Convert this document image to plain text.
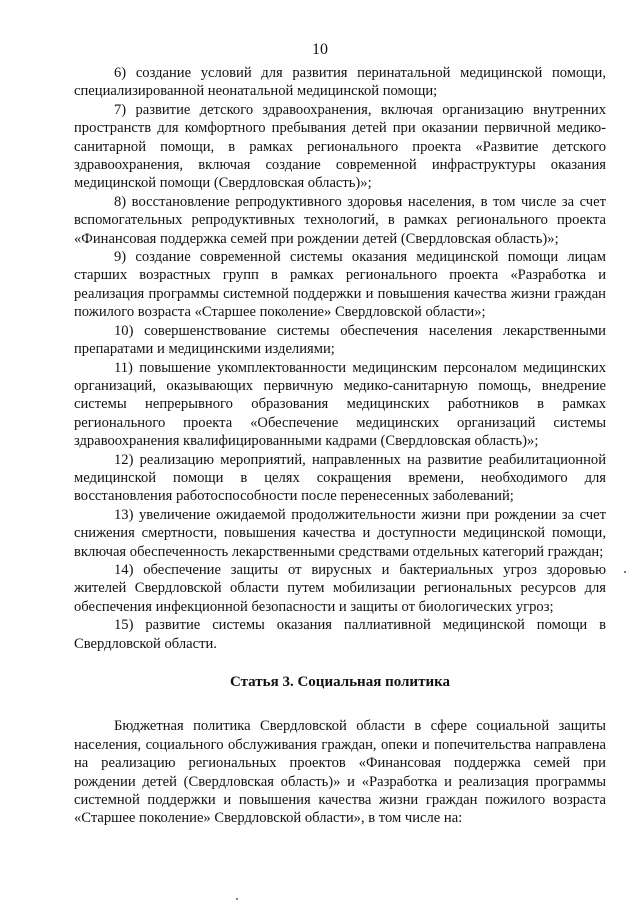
10

6) создание условий для развития перинатальной медицинской помощи, специализированной неонатальной медицинской помощи;

7) развитие детского здравоохранения, включая организацию внутренних пространств для комфортного пребывания детей при оказании первичной медико-санитарной помощи, в рамках регионального проекта «Развитие детского здравоохранения, включая создание современной инфраструктуры оказания медицинской помощи (Свердловская область)»;

8) восстановление репродуктивного здоровья населения, в том числе за счет вспомогательных репродуктивных технологий, в рамках регионального проекта «Финансовая поддержка семей при рождении детей (Свердловская область)»;

9) создание современной системы оказания медицинской помощи лицам старших возрастных групп в рамках регионального проекта «Разработка и реализация программы системной поддержки и повышения качества жизни граждан пожилого возраста «Старшее поколение» Свердловской области»;

10) совершенствование системы обеспечения населения лекарственными препаратами и медицинскими изделиями;

11) повышение укомплектованности медицинским персоналом медицинских организаций, оказывающих первичную медико-санитарную помощь, внедрение системы непрерывного образования медицинских работников в рамках регионального проекта «Обеспечение медицинских организаций системы здравоохранения квалифицированными кадрами (Свердловская область)»;

12) реализацию мероприятий, направленных на развитие реабилитационной медицинской помощи в целях сокращения времени, необходимого для восстановления работоспособности после перенесенных заболеваний;

13) увеличение ожидаемой продолжительности жизни при рождении за счет снижения смертности, повышения качества и доступности медицинской помощи, включая обеспеченность лекарственными средствами отдельных категорий граждан;

14) обеспечение защиты от вирусных и бактериальных угроз здоровью жителей Свердловской области путем мобилизации региональных ресурсов для обеспечения инфекционной безопасности и защиты от биологических угроз;

15) развитие системы оказания паллиативной медицинской помощи в Свердловской области.

Статья 3. Социальная политика

Бюджетная политика Свердловской области в сфере социальной защиты населения, социального обслуживания граждан, опеки и попечительства направлена на реализацию региональных проектов «Финансовая поддержка семей при рождении детей (Свердловская область)» и «Разработка и реализация программы системной поддержки и повышения качества жизни граждан пожилого возраста «Старшее поколение» Свердловской области», в том числе на:
